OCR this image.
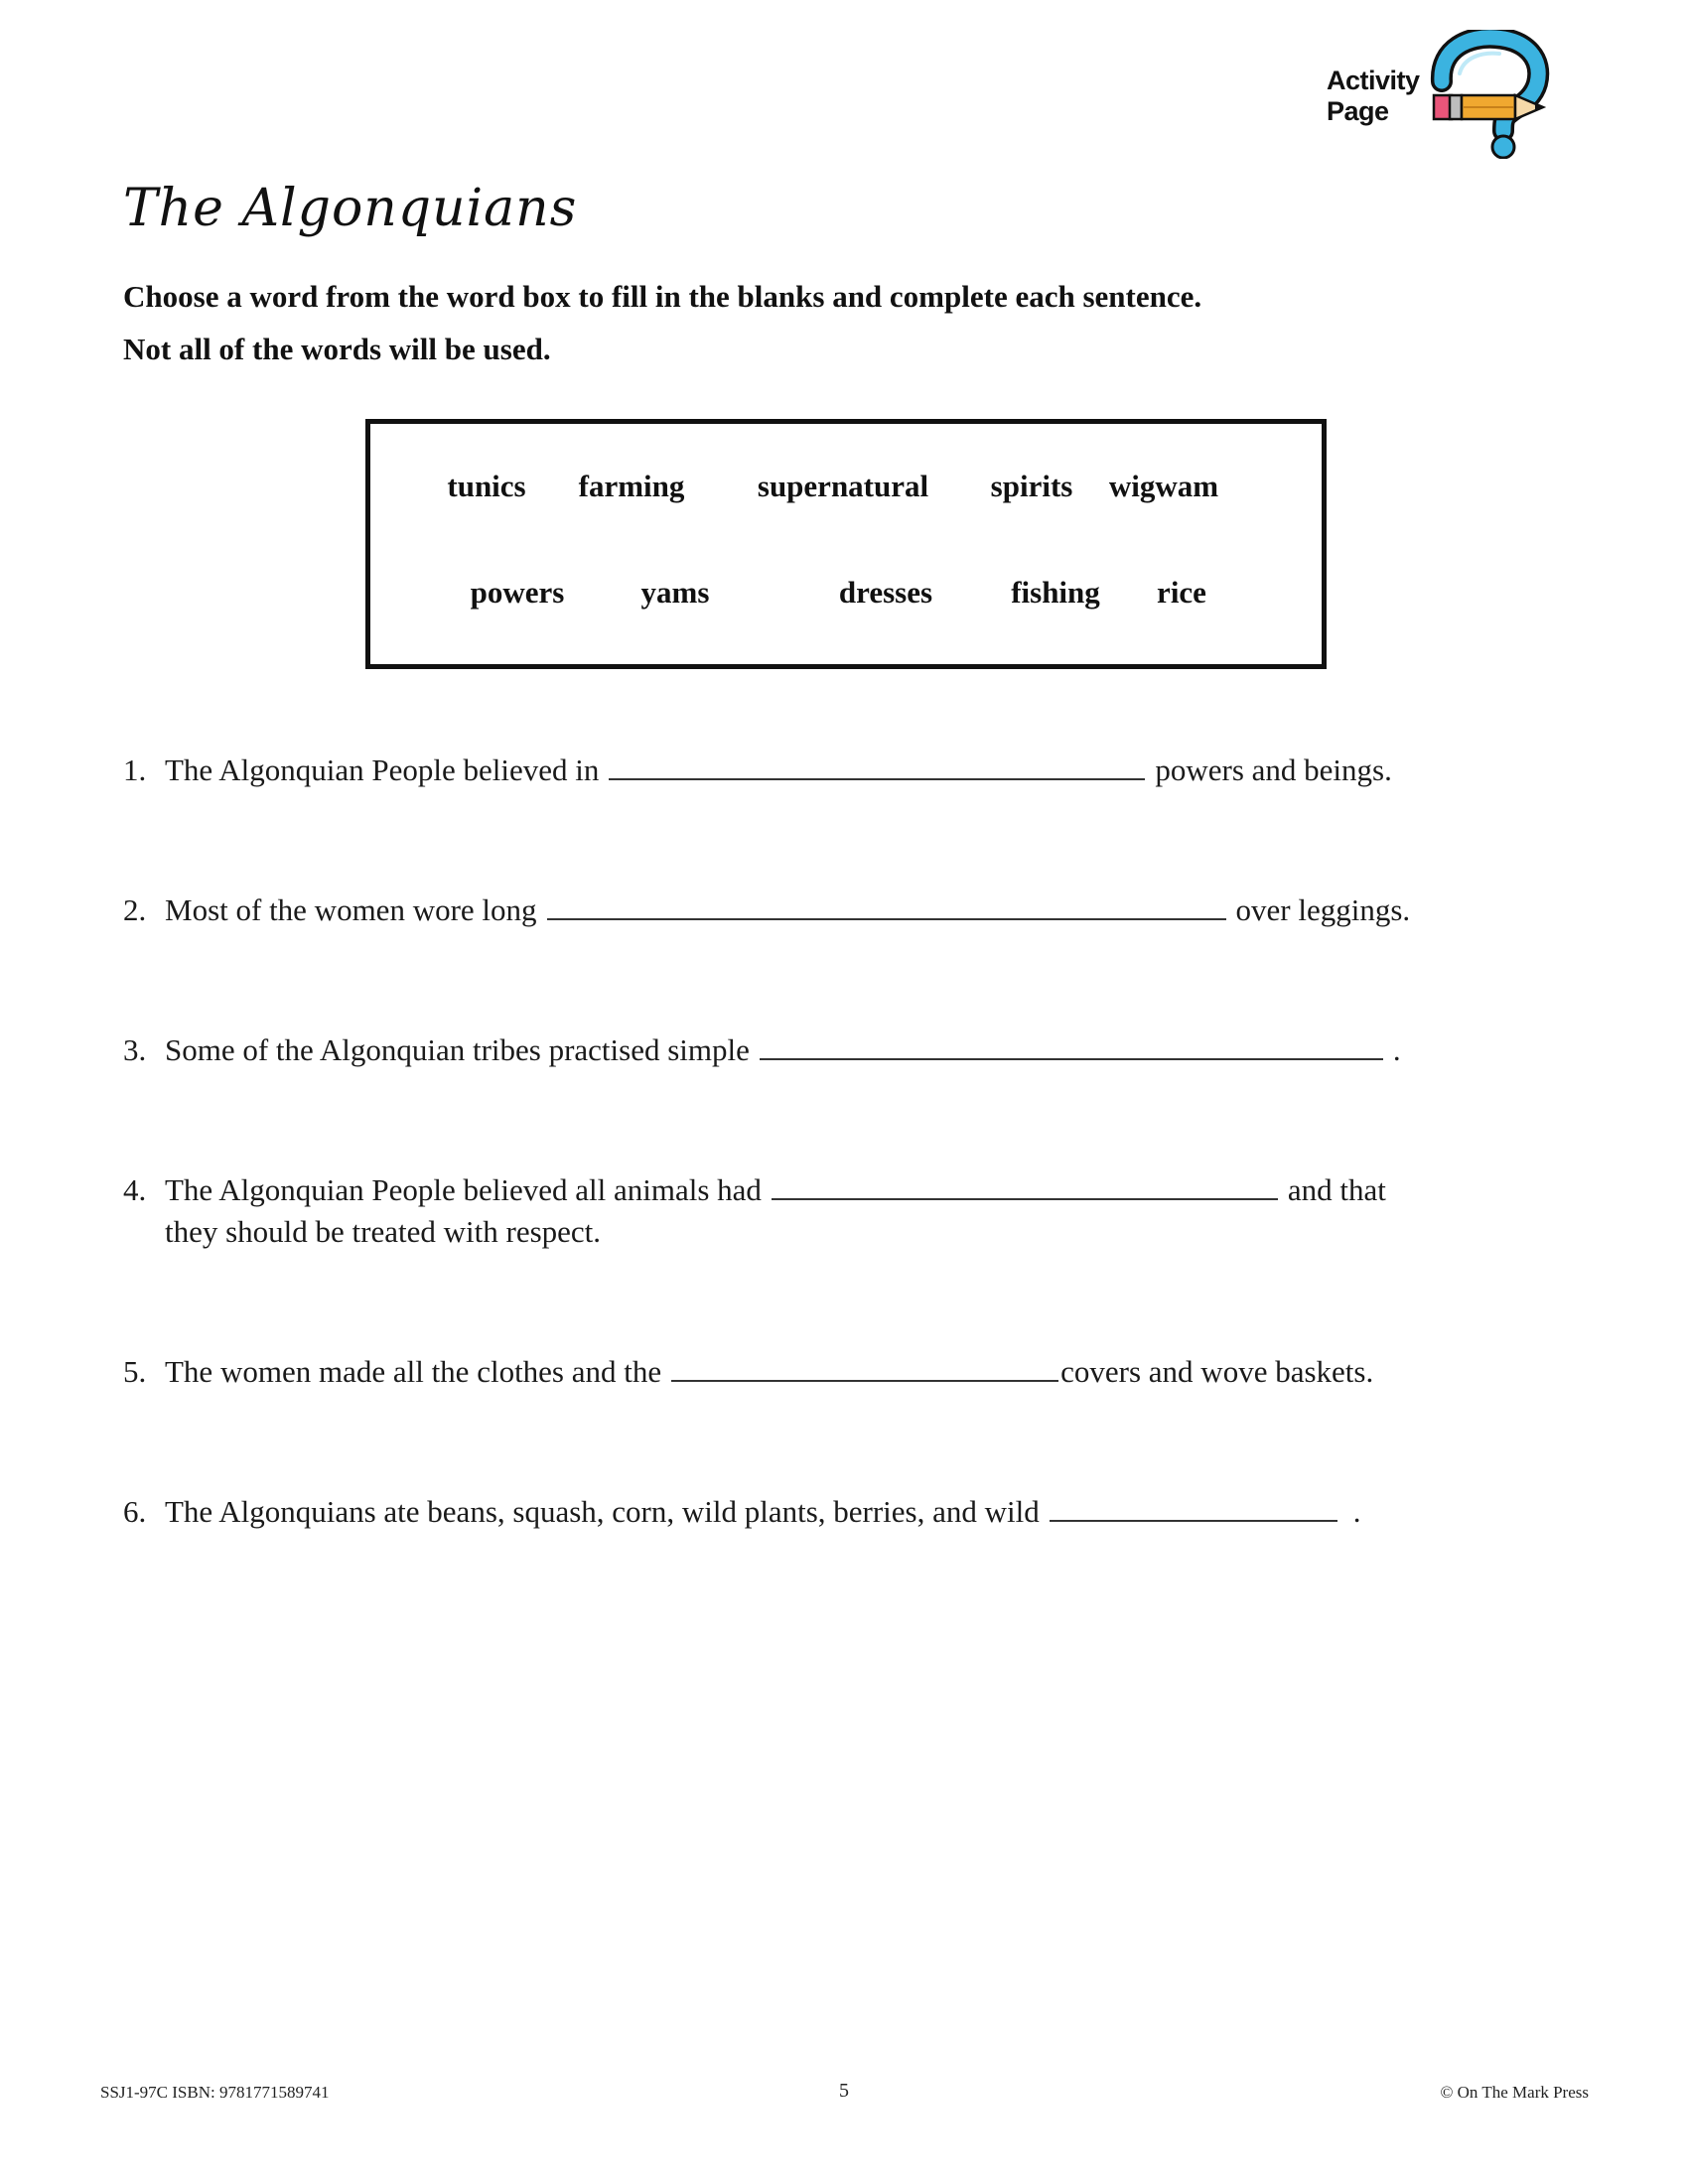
Activity
Page
The Algonquians

Choose a word from the word box to fill in the blanks and complete each sentence.

Not all of the words will be used.

tunics farming supernatural spirits wigwam
powers yams	dresses	fishing rice
1. The Algonquian People believed in	powers and beings.
2. Most of the women wore long	over leggings.
3. Some of the Algonquian tribes practised simple	.
4. The Algonquian People believed all animals had	and that
they should be treated with respect.
5. The women made all the clothes and the	covers and wove baskets.
6. The Algonquians ate beans, squash, corn, wild plants, berries, and wild	.
SSJ1-97C ISBN: 9781771589741	5	© On The Mark Press
